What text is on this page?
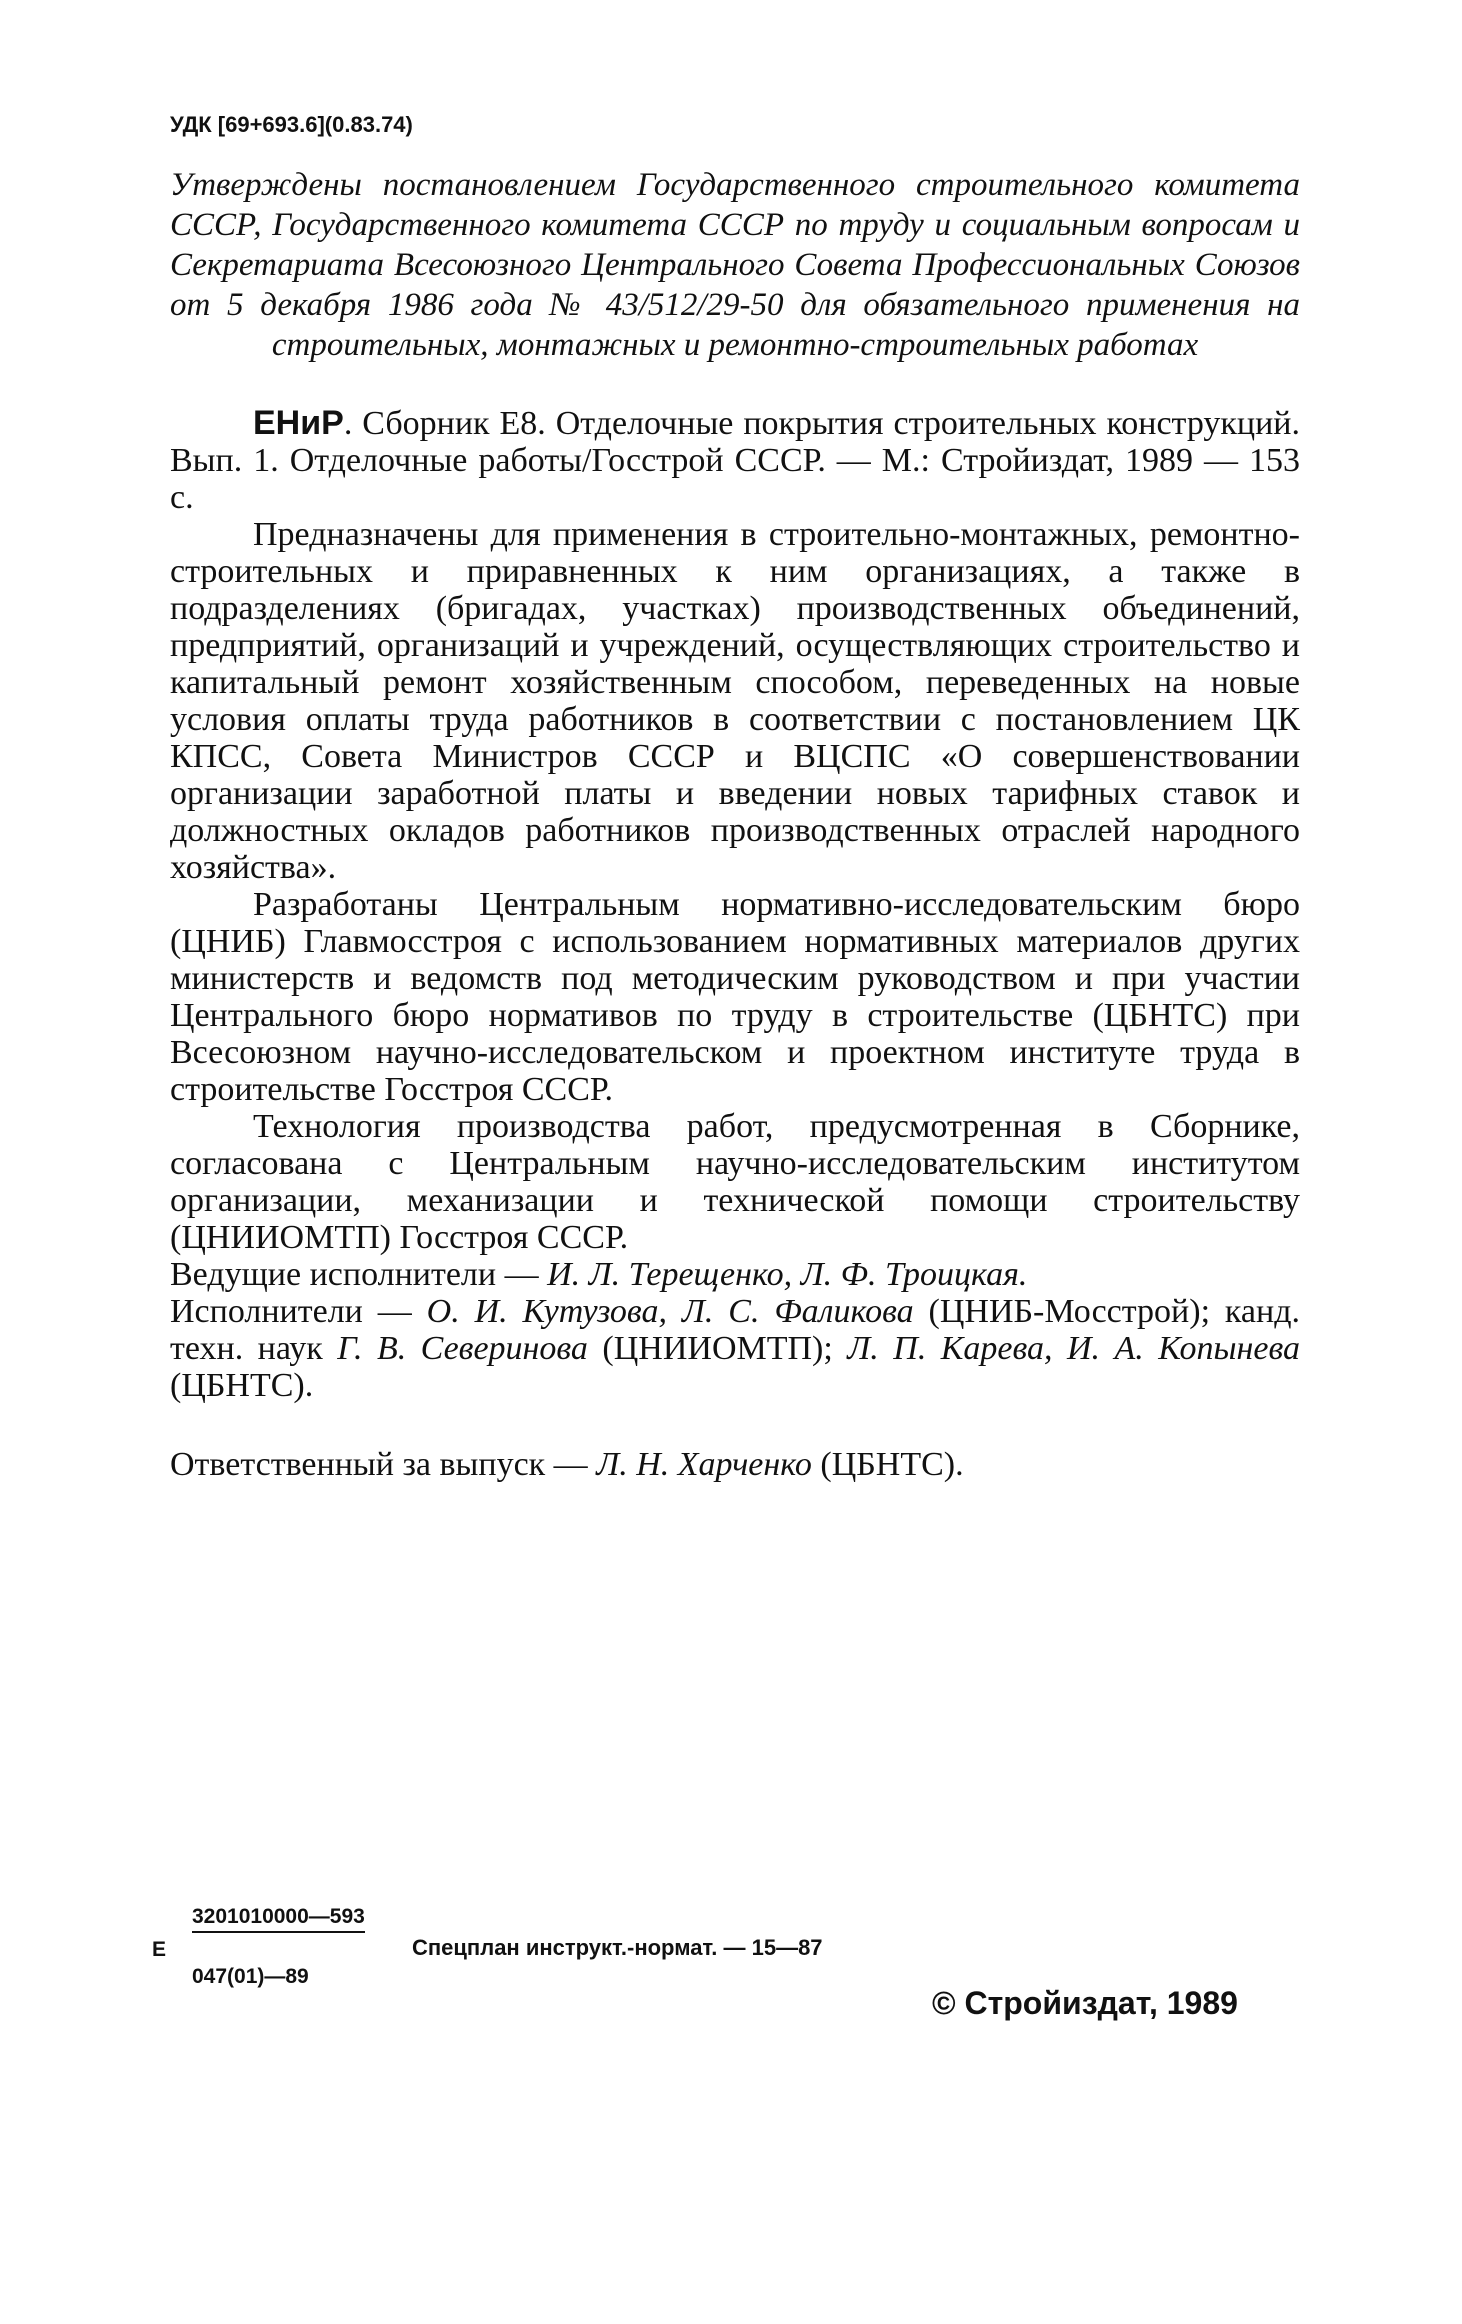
УДК [69+693.6](0.83.74)

Утверждены постановлением Государственного строительного комитета СССР, Государственного комитета СССР по труду и социальным вопросам и Секретариата Всесоюзного Центрального Совета Профессиональных Союзов от 5 декабря 1986 года № 43/512/29-50 для обязательного применения на строительных, монтажных и ремонтно-строительных работах

ЕНиР. Сборник Е8. Отделочные покрытия строительных конструкций. Вып. 1. Отделочные работы/Госстрой СССР. — М.: Стройиздат, 1989 — 153 с.

Предназначены для применения в строительно-монтажных, ремонтно-строительных и приравненных к ним организациях, а также в подразделениях (бригадах, участках) производственных объединений, предприятий, организаций и учреждений, осуществляющих строительство и капитальный ремонт хозяйственным способом, переведенных на новые условия оплаты труда работников в соответствии с постановлением ЦК КПСС, Совета Министров СССР и ВЦСПС «О совершенствовании организации заработной платы и введении новых тарифных ставок и должностных окладов работников производственных отраслей народного хозяйства».

Разработаны Центральным нормативно-исследовательским бюро (ЦНИБ) Главмосстроя с использованием нормативных материалов других министерств и ведомств под методическим руководством и при участии Центрального бюро нормативов по труду в строительстве (ЦБНТС) при Всесоюзном научно-исследовательском и проектном институте труда в строительстве Госстроя СССР.

Технология производства работ, предусмотренная в Сборнике, согласована с Центральным научно-исследовательским институтом организации, механизации и технической помощи строительству (ЦНИИОМТП) Госстроя СССР.

Ведущие исполнители — И. Л. Терещенко, Л. Ф. Троицкая.

Исполнители — О. И. Кутузова, Л. С. Фаликова (ЦНИБ-Мосстрой); канд. техн. наук Г. В. Северинова (ЦНИИОМТП); Л. П. Карева, И. А. Копынева (ЦБНТС).

Ответственный за выпуск — Л. Н. Харченко (ЦБНТС).

Е
3201010000—593
047(01)—89
Спецплан инструкт.-нормат. — 15—87
© Стройиздат, 1989
